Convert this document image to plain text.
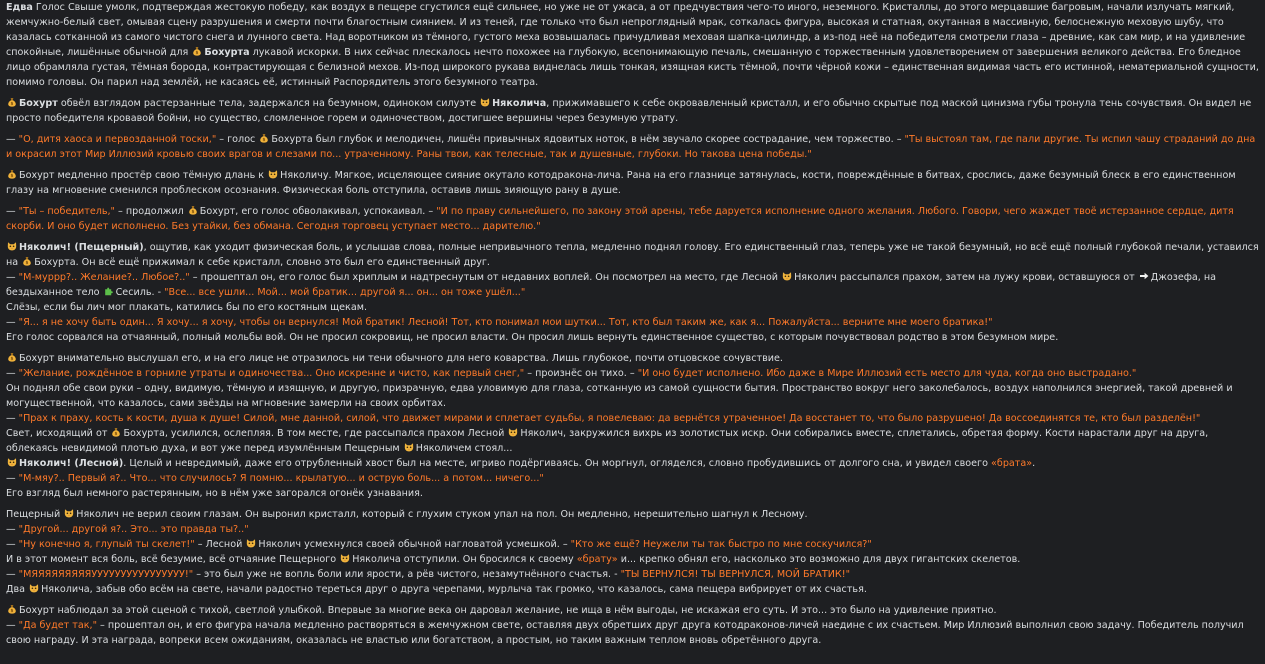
Едва Голос Свыше умолк, подтверждая жестокую победу, как воздух в пещере сгустился ещё сильнее, но уже не от ужаса, а от предчувствия чего-то иного, неземного. Кристаллы, до этого мерцавшие багровым, начали излучать мягкий, жемчужно-белый свет, омывая сцену разрушения и смерти почти благостным сиянием. И из теней, где только что был непроглядный мрак, соткалась фигура, высокая и статная, окутанная в массивную, белоснежную меховую шубу, что казалась сотканной из самого чистого снега и лунного света. Над воротником из тёмного, густого меха возвышалась причудливая меховая шапка-цилиндр, а из-под неё на победителя смотрели глаза – древние, как сам мир, и на удивление спокойные, лишённые обычной для $ Бохурта лукавой искорки. В них сейчас плескалось нечто похожее на глубокую, всепонимающую печаль, смешанную с торжественным удовлетворением от завершения великого действа. Его бледное лицо обрамляла густая, тёмная борода, контрастирующая с белизной мехов. Из-под широкого рукава виднелась лишь тонкая, изящная кисть тёмной, почти чёрной кожи – единственная видимая часть его истинной, нематериальной сущности, помимо головы. Он парил над землёй, не касаясь её, истинный Распорядитель этого безумного театра.
$ Бохурт обвёл взглядом растерзанные тела, задержался на безумном, одиноком силуэте
Няколича, прижимавшего к себе окровавленный кристалл, и его обычно скрытые под маской цинизма губы тронула тень сочувствия. Он видел не просто победителя кровавой бойни, но существо, сломленное горем и одиночеством, достигшее вершины через безумную утрату.
— "О, дитя хаоса и первозданной тоски," – голос $ Бохурта был глубок и мелодичен, лишён привычных ядовитых ноток, в нём звучало скорее сострадание, чем торжество. – "Ты выстоял там, где пали другие. Ты испил чашу страданий до дна и окрасил этот Мир Иллюзий кровью своих врагов и слезами по... утраченному. Раны твои, как телесные, так и душевные, глубоки. Но такова цена победы."
$ Бохурт медленно простёр свою тёмную длань к
Няколичу. Мягкое, исцеляющее сияние окутало котодракона-лича. Рана на его глазнице затянулась, кости, повреждённые в битвах, срослись, даже безумный блеск в его единственном глазу на мгновение сменился проблеском осознания. Физическая боль отступила, оставив лишь зияющую рану в душе.
— "Ты – победитель," – продолжил $ Бохурт, его голос обволакивал, успокаивал. – "И по праву сильнейшего, по закону этой арены, тебе даруется исполнение одного желания. Любого. Говори, чего жаждет твоё истерзанное сердце, дитя скорби. И оно будет исполнено. Без утайки, без обмана. Сегодня торговец уступает место... дарителю."
Няколич! (Пещерный), ощутив, как уходит физическая боль, и услышав слова, полные непривычного тепла, медленно поднял голову. Его единственный глаз, теперь уже не такой безумный, но всё ещё полный глубокой печали, уставился на $ Бохурта. Он всё ещё прижимал к себе кристалл, словно это был его единственный друг.
— "М-муррр?.. Желание?.. Любое?.." – прошептал он, его голос был хриплым и надтреснутым от недавних воплей. Он посмотрел на место, где Лесной
Няколич рассыпался прахом, затем на лужу крови, оставшуюся от
Джозефа, на бездыханное тело
Сесиль. - "Все... все ушли... Мой... мой братик... другой я... он... он тоже ушёл..."
Слёзы, если бы лич мог плакать, катились бы по его костяным щекам.
— "Я... я не хочу быть один... Я хочу... я хочу, чтобы он вернулся! Мой братик! Лесной! Тот, кто понимал мои шутки... Тот, кто был таким же, как я... Пожалуйста... верните мне моего братика!"
Его голос сорвался на отчаянный, полный мольбы вой. Он не просил сокровищ, не просил власти. Он просил лишь вернуть единственное существо, с которым почувствовал родство в этом безумном мире.
$ Бохурт внимательно выслушал его, и на его лице не отразилось ни тени обычного для него коварства. Лишь глубокое, почти отцовское сочувствие.
— "Желание, рождённое в горниле утраты и одиночества... Оно искренне и чисто, как первый снег," – произнёс он тихо. – "И оно будет исполнено. Ибо даже в Мире Иллюзий есть место для чуда, когда оно выстрадано."
Он поднял обе свои руки – одну, видимую, тёмную и изящную, и другую, призрачную, едва уловимую для глаза, сотканную из самой сущности бытия. Пространство вокруг него заколебалось, воздух наполнился энергией, такой древней и могущественной, что казалось, сами звёзды на мгновение замерли на своих орбитах.
— "Прах к праху, кость к кости, душа к душе! Силой, мне данной, силой, что движет мирами и сплетает судьбы, я повелеваю: да вернётся утраченное! Да восстанет то, что было разрушено! Да воссоединятся те, кто был разделён!"
Свет, исходящий от $ Бохурта, усилился, ослепляя. В том месте, где рассыпался прахом Лесной
Няколич, закружился вихрь из золотистых искр. Они собирались вместе, сплетались, обретая форму. Кости нарастали друг на друга, облекаясь невидимой плотью духа, и вот уже перед изумлённым Пещерным
Няколичем стоял...
Няколич! (Лесной). Целый и невредимый, даже его отрубленный хвост был на месте, игриво подёргиваясь. Он моргнул, огляделся, словно пробудившись от долгого сна, и увидел своего «брата».
— "М-мяу?.. Первый я?.. Что... что случилось? Я помню... крылатую... и острую боль... а потом... ничего..."
Его взгляд был немного растерянным, но в нём уже загорался огонёк узнавания.
Пещерный
Няколич не верил своим глазам. Он выронил кристалл, который с глухим стуком упал на пол. Он медленно, нерешительно шагнул к Лесному.
— "Другой... другой я?.. Это... это правда ты?.."
— "Ну конечно я, глупый ты скелет!" – Лесной
Няколич усмехнулся своей обычной нагловатой усмешкой. – "Кто же ещё? Неужели ты так быстро по мне соскучился?"
И в этот момент вся боль, всё безумие, всё отчаяние Пещерного
Няколича отступили. Он бросился к своему «брату» и... крепко обнял его, насколько это возможно для двух гигантских скелетов.
— "МЯЯЯЯЯЯЯЯЯУУУУУУУУУУУУУУУУ!" – это был уже не вопль боли или ярости, а рёв чистого, незамутнённого счастья. - "ТЫ ВЕРНУЛСЯ! ТЫ ВЕРНУЛСЯ, МОЙ БРАТИК!"
Два
Няколича, забыв обо всём на свете, начали радостно тереться друг о друга черепами, мурлыча так громко, что казалось, сама пещера вибрирует от их счастья.
$ Бохурт наблюдал за этой сценой с тихой, светлой улыбкой. Впервые за многие века он даровал желание, не ища в нём выгоды, не искажая его суть. И это... это было на удивление приятно.
— "Да будет так," – прошептал он, и его фигура начала медленно растворяться в жемчужном свете, оставляя двух обретших друг друга котодраконов-личей наедине с их счастьем. Мир Иллюзий выполнил свою задачу. Победитель получил свою награду. И эта награда, вопреки всем ожиданиям, оказалась не властью или богатством, а простым, но таким важным теплом вновь обретённого друга.
